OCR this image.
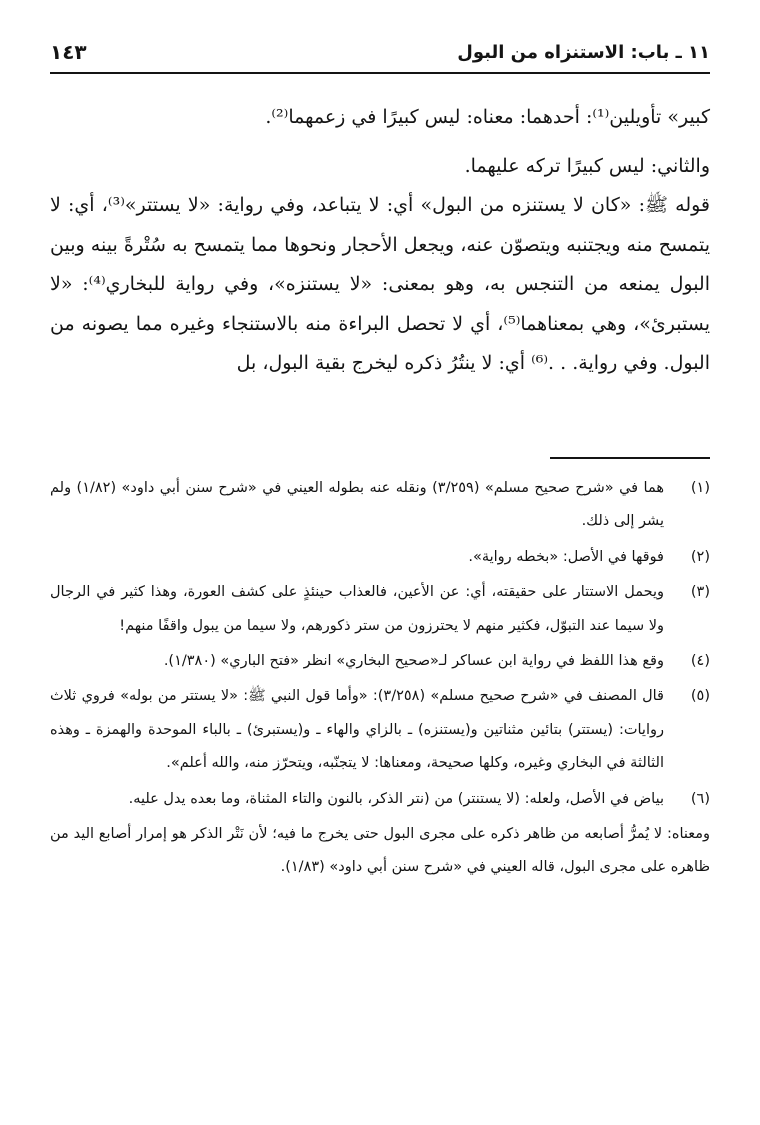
١١ ـ باب: الاستنزاه من البول
١٤٣

كبير» تأويلين⁽¹⁾: أحدهما: معناه: ليس كبيرًا في زعمهما⁽²⁾.

والثاني: ليس كبيرًا تركه عليهما.

قوله ﷺ: «كان لا يستنزه من البول» أي: لا يتباعد، وفي رواية: «لا يستتر»⁽³⁾، أي: لا يتمسح منه ويجتنبه ويتصوّن عنه، ويجعل الأحجار ونحوها مما يتمسح به سُتْرةً بينه وبين البول يمنعه من التنجس به، وهو بمعنى: «لا يستنزه»، وفي رواية للبخاري⁽⁴⁾: «لا يستبرئ»، وهي بمعناهما⁽⁵⁾، أي لا تحصل البراءة منه بالاستنجاء وغيره مما يصونه من البول. وفي رواية. . .⁽⁶⁾ أي: لا ينتُرُ ذكره ليخرج بقية البول، بل

(١)
هما في «شرح صحيح مسلم» (٣/٢٥٩) ونقله عنه بطوله العيني في «شرح سنن أبي داود» (١/٨٢) ولم يشر إلى ذلك.
(٢)
فوقها في الأصل: «بخطه رواية».
(٣)
ويحمل الاستتار على حقيقته، أي: عن الأعين، فالعذاب حينئذٍ على كشف العورة، وهذا كثير في الرجال ولا سيما عند التبوّل، فكثير منهم لا يحترزون من ستر ذكورهم، ولا سيما من يبول واقفًا منهم!
(٤)
وقع هذا اللفظ في رواية ابن عساكر لـ«صحيح البخاري» انظر «فتح الباري» (١/٣٨٠).
(٥)
قال المصنف في «شرح صحيح مسلم» (٣/٢٥٨): «وأما قول النبي ﷺ: «لا يستتر من بوله» فروي ثلاث روايات: (يستتر) بتائين مثناتين و(يستنزه) ـ بالزاي والهاء ـ و(يستبرئ) ـ بالباء الموحدة والهمزة ـ وهذه الثالثة في البخاري وغيره، وكلها صحيحة، ومعناها: لا يتجنّبه، ويتحرّز منه، والله أعلم».
(٦)
بياض في الأصل، ولعله: (لا يستنتر) من (نتر الذكر، بالنون والتاء المثناة، وما بعده يدل عليه.
ومعناه: لا يُمرُّ أصابعه من ظاهر ذكره على مجرى البول حتى يخرج ما فيه؛ لأن نَتْر الذكر هو إمرار أصابع اليد من ظاهره على مجرى البول، قاله العيني في «شرح سنن أبي داود» (١/٨٣).
